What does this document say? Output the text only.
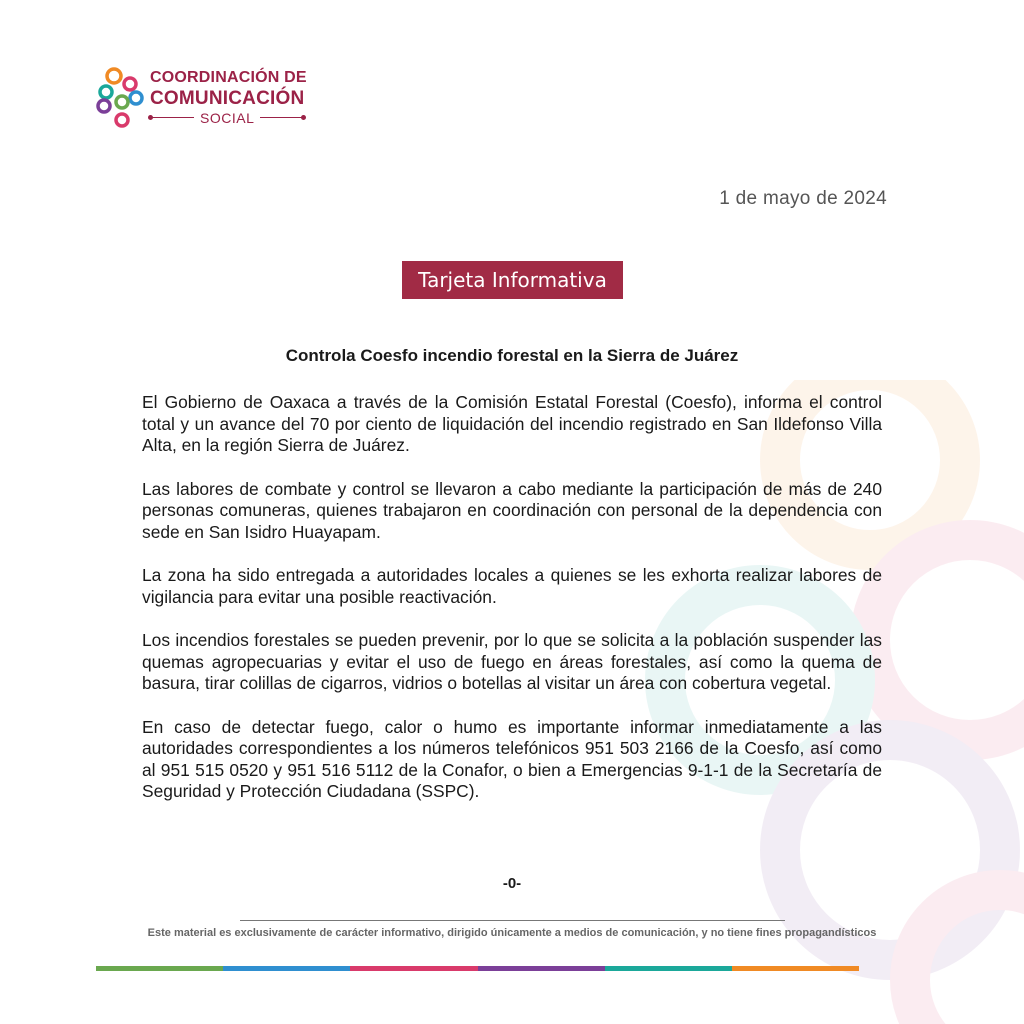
COORDINACIÓN DE
COMUNICACIÓN
SOCIAL
1 de mayo de 2024
Tarjeta Informativa
Controla Coesfo incendio forestal en la Sierra de Juárez

El Gobierno de Oaxaca a través de la Comisión Estatal Forestal (Coesfo), informa el control total y un avance del 70 por ciento de liquidación del incendio registrado en San Ildefonso Villa Alta, en la región Sierra de Juárez.

Las labores de combate y control se llevaron a cabo mediante la participación de más de 240 personas comuneras, quienes trabajaron en coordinación con personal de la dependencia con sede en San Isidro Huayapam.

La zona ha sido entregada a autoridades locales a quienes se les exhorta realizar labores de vigilancia para evitar una posible reactivación.

Los incendios forestales se pueden prevenir, por lo que se solicita a la población suspender las quemas agropecuarias y evitar el uso de fuego en áreas forestales, así como la quema de basura, tirar colillas de cigarros, vidrios o botellas al visitar un área con cobertura vegetal.

En caso de detectar fuego, calor o humo es importante informar inmediatamente a las autoridades correspondientes a los números telefónicos 951 503 2166 de la Coesfo, así como al 951 515 0520 y 951 516 5112 de la Conafor, o bien a Emergencias 9-1-1 de la Secretaría de Seguridad y Protección Ciudadana (SSPC).

-0-
Este material es exclusivamente de carácter informativo, dirigido únicamente a medios de comunicación, y no tiene fines propagandísticos
